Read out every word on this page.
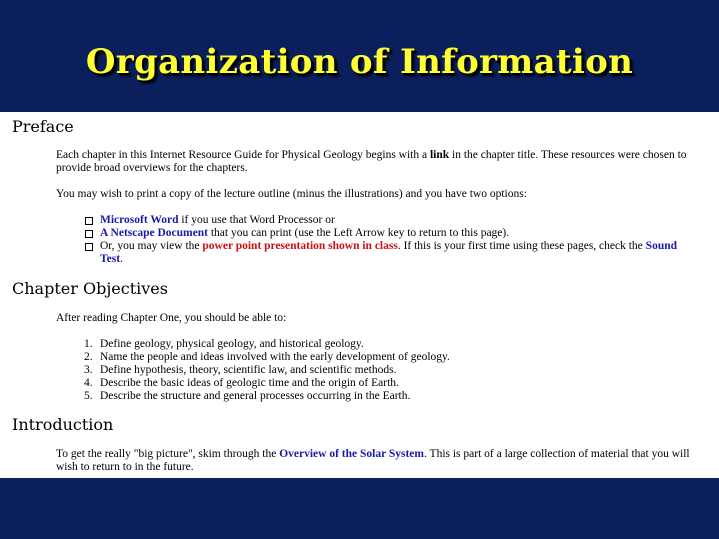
Organization of Information
Preface

Each chapter in this Internet Resource Guide for Physical Geology begins with a link in the chapter title. These resources were chosen to provide broad overviews for the chapters.

You may wish to print a copy of the lecture outline (minus the illustrations) and you have two options:

Microsoft Word if you use that Word Processor or
A Netscape Document that you can print (use the Left Arrow key to return to this page).
Or, you may view the power point presentation shown in class. If this is your first time using these pages, check the Sound Test.
Chapter Objectives

After reading Chapter One, you should be able to:

1. Define geology, physical geology, and historical geology.
2. Name the people and ideas involved with the early development of geology.
3. Define hypothesis, theory, scientific law, and scientific methods.
4. Describe the basic ideas of geologic time and the origin of Earth.
5. Describe the structure and general processes occurring in the Earth.
Introduction

To get the really "big picture", skim through the Overview of the Solar System. This is part of a large collection of material that you will wish to return to in the future.
